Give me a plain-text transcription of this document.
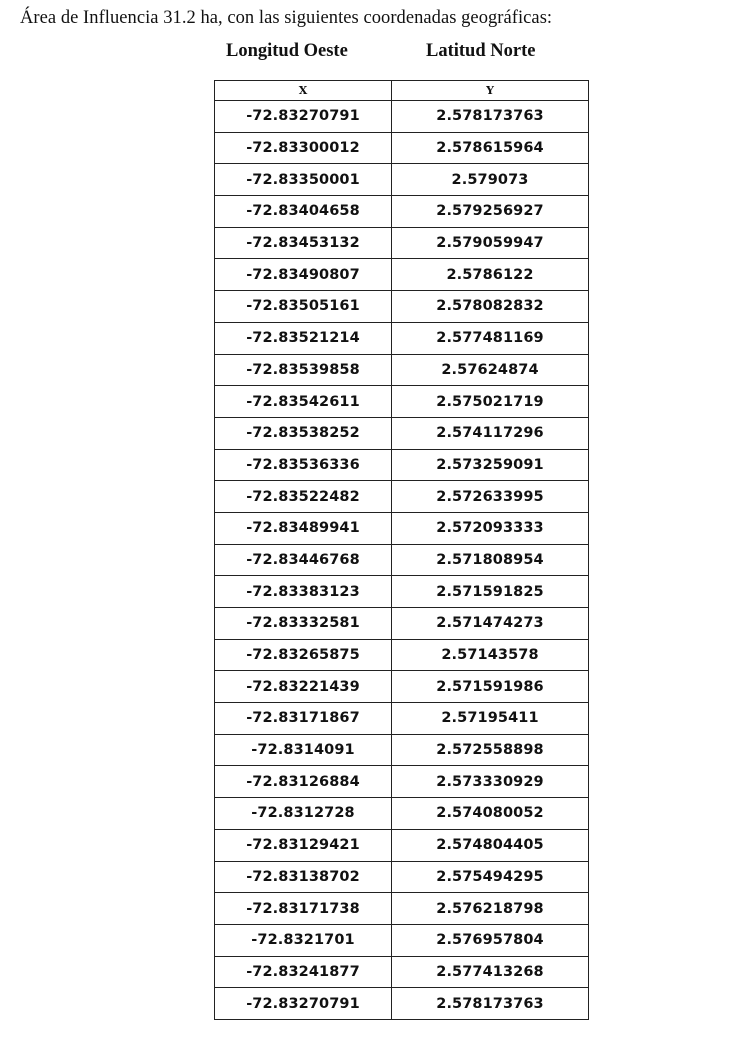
Área de Influencia 31.2 ha, con las siguientes coordenadas geográficas:
Longitud Oeste	Latitud Norte
X	Y
-72.83270791	2.578173763
-72.83300012	2.578615964
-72.83350001	2.579073
-72.83404658	2.579256927
-72.83453132	2.579059947
-72.83490807	2.5786122
-72.83505161	2.578082832
-72.83521214	2.577481169
-72.83539858	2.57624874
-72.83542611	2.575021719
-72.83538252	2.574117296
-72.83536336	2.573259091
-72.83522482	2.572633995
-72.83489941	2.572093333
-72.83446768	2.571808954
-72.83383123	2.571591825
-72.83332581	2.571474273
-72.83265875	2.57143578
-72.83221439	2.571591986
-72.83171867	2.57195411
-72.8314091	2.572558898
-72.83126884	2.573330929
-72.8312728	2.574080052
-72.83129421	2.574804405
-72.83138702	2.575494295
-72.83171738	2.576218798
-72.8321701	2.576957804
-72.83241877	2.577413268
-72.83270791	2.578173763
